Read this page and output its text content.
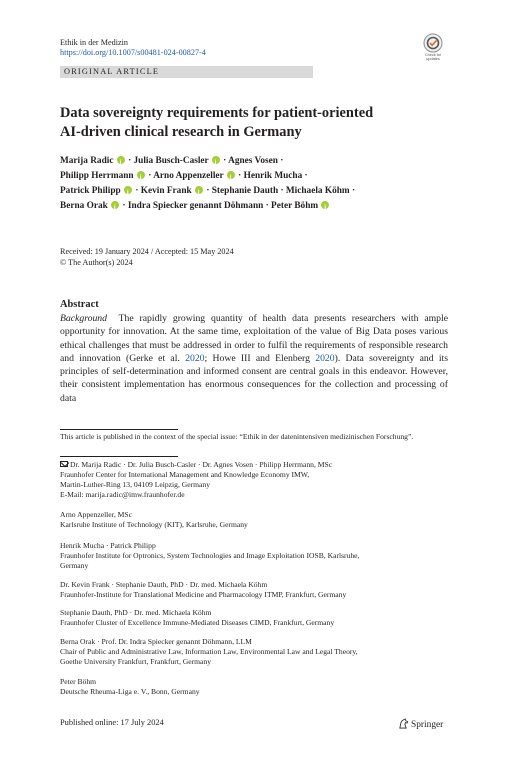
Ethik in der Medizin
https://doi.org/10.1007/s00481-024-00827-4	Check for updates
ORIGINAL ARTICLE
Data sovereignty requirements for patient-oriented
AI-driven clinical research in Germany
Marija Radic i · Julia Busch-Casler i · Agnes Vosen ·
Philipp Herrmann i · Arno Appenzeller i · Henrik Mucha ·
Patrick Philipp i · Kevin Frank i · Stephanie Dauth · Michaela Köhm ·
Berna Orak i · Indra Spiecker genannt Döhmann · Peter Böhm i
Received: 19 January 2024 / Accepted: 15 May 2024
© The Author(s) 2024
Abstract
Background The rapidly growing quantity of health data presents researchers with ample opportunity for innovation. At the same time, exploitation of the value of Big Data poses various ethical challenges that must be addressed in order to fulfil the requirements of responsible research and innovation (Gerke et al. 2020; Howe III and Elenberg 2020). Data sovereignty and its principles of self-determination and informed consent are central goals in this endeavor. However, their consistent implementation has enormous consequences for the collection and processing of data
This article is published in the context of the special issue: “Ethik in der datenintensiven medizinischen Forschung”.
Dr. Marija Radic · Dr. Julia Busch-Casler · Dr. Agnes Vosen · Philipp Herrmann, MSc
Fraunhofer Center for International Management and Knowledge Economy IMW,
Martin-Luther-Ring 13, 04109 Leipzig, Germany
E-Mail: marija.radic@imw.fraunhofer.de
Arno Appenzeller, MSc
Karlsruhe Institute of Technology (KIT), Karlsruhe, Germany
Henrik Mucha · Patrick Philipp
Fraunhofer Institute for Optronics, System Technologies and Image Exploitation IOSB, Karlsruhe,
Germany
Dr. Kevin Frank · Stephanie Dauth, PhD · Dr. med. Michaela Köhm
Fraunhofer-Institute for Translational Medicine and Pharmacology ITMP, Frankfurt, Germany
Stephanie Dauth, PhD · Dr. med. Michaela Köhm
Fraunhofer Cluster of Excellence Immune-Mediated Diseases CIMD, Frankfurt, Germany
Berna Orak · Prof. Dr. Indra Spiecker genannt Döhmann, LLM
Chair of Public and Administrative Law, Information Law, Environmental Law and Legal Theory,
Goethe University Frankfurt, Frankfurt, Germany
Peter Böhm
Deutsche Rheuma-Liga e. V., Bonn, Germany
Published online: 17 July 2024	Springer
